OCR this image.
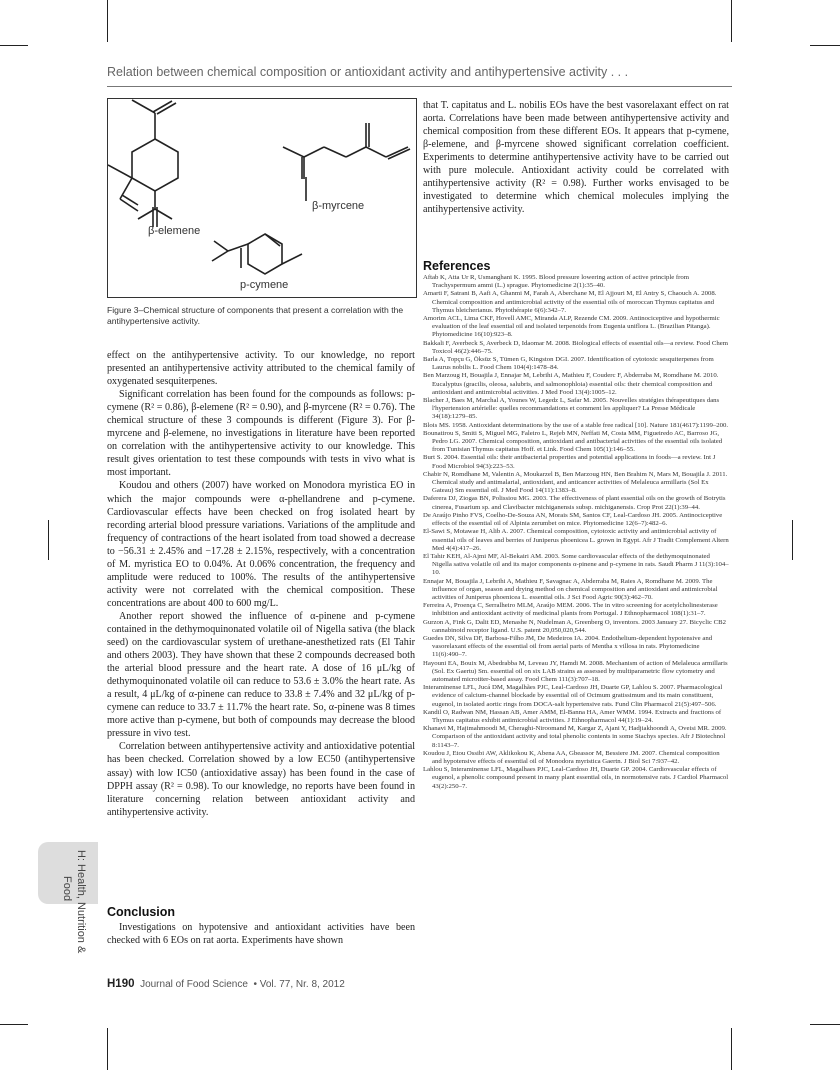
Relation between chemical composition or antioxidant activity and antihypertensive activity . . .
β-elemene
β-myrcene
p-cymene
Figure 3–Chemical structure of components that present a correlation with the antihypertensive activity.

effect on the antihypertensive activity. To our knowledge, no report presented an antihypertensive activity attributed to the chemical family of oxygenated sesquiterpenes.

Significant correlation has been found for the compounds as follows: p-cymene (R² = 0.86), β-elemene (R² = 0.90), and β-myrcene (R² = 0.76). The chemical structure of these 3 compounds is different (Figure 3). For β-myrcene and β-elemene, no investigations in literature have been reported on correlation with the antihypertensive activity to our knowledge. This result gives orientation to test these compounds with tests in vivo what is most important.

Koudou and others (2007) have worked on Monodora myristica EO in which the major compounds were α-phellandrene and p-cymene. Cardiovascular effects have been checked on frog isolated heart by recording arterial blood pressure variations. Variations of the amplitude and frequency of contractions of the heart isolated from toad showed a decrease to −56.31 ± 2.45% and −17.28 ± 2.15%, respectively, with a concentration of M. myristica EO to 0.04%. At 0.06% concentration, the frequency and amplitude were reduced to 100%. The results of the antihypertensive activity were not correlated with the chemical composition. These concentrations are about 400 to 600 mg/L.

Another report showed the influence of α-pinene and p-cymene contained in the dethymoquinonated volatile oil of Nigella sativa (the black seed) on the cardiovascular system of urethane-anesthetized rats (El Tahir and others 2003). They have shown that these 2 compounds decreased both the arterial blood pressure and the heart rate. A dose of 16 μL/kg of dethymoquinonated volatile oil can reduce to 53.6 ± 3.0% the heart rate. As a result, 4 μL/kg of α-pinene can reduce to 33.8 ± 7.4% and 32 μL/kg of p-cymene can reduce to 33.7 ± 11.7% the heart rate. So, α-pinene was 8 times more active than p-cymene, but both of compounds may decrease the blood pressure in vivo test.

Correlation between antihypertensive activity and antioxidative potential has been checked. Correlation showed by a low EC50 (antihypertensive assay) with low IC50 (antioxidative assay) has been found in the case of DPPH assay (R² = 0.98). To our knowledge, no reports have been found in literature concerning relation between antioxidant activity and antihypertensive activity.

Conclusion

Investigations on hypotensive and antioxidant activities have been checked with 6 EOs on rat aorta. Experiments have shown

that T. capitatus and L. nobilis EOs have the best vasorelaxant effect on rat aorta. Correlations have been made between antihypertensive activity and chemical composition from these different EOs. It appears that p-cymene, β-elemene, and β-myrcene showed significant correlation coefficient. Experiments to determine antihypertensive activity have to be carried out with pure molecule. Antioxidant activity could be correlated with antihypertensive activity (R² = 0.98). Further works envisaged to be investigated to determine which chemical molecules implying the antihypertensive activity.

References

Aftab K, Atta Ur R, Usmanghani K. 1995. Blood pressure lowering action of active principle from Trachyspermum ammi (L.) sprague. Phytomedicine 2(1):35–40.

Amarti F, Satrani B, Aafi A, Ghanmi M, Farah A, Aberchane M, El Ajjouri M, El Antry S, Chaouch A. 2008. Chemical composition and antimicrobial activity of the essential oils of moroccan Thymus capitatus and Thymus bleicherianus. Phytothérapie 6(6):342–7.

Amorim ACL, Lima CKF, Hovell AMC, Miranda ALP, Rezende CM. 2009. Antinociceptive and hypothermic evaluation of the leaf essential oil and isolated terpenoids from Eugenia uniflora L. (Brazilian Pitanga). Phytomedicine 16(10):923–8.

Bakkali F, Averbeck S, Averbeck D, Idaomar M. 2008. Biological effects of essential oils—a review. Food Chem Toxicol 46(2):446–75.

Barla A, Topçu G, Öksüz S, Tümen G, Kingston DGI. 2007. Identification of cytotoxic sesquiterpenes from Laurus nobilis L. Food Chem 104(4):1478–84.

Ben Marzoug H, Bouajila J, Ennajar M, Lebrihi A, Mathieu F, Couderc F, Abderraba M, Romdhane M. 2010. Eucalyptus (gracilis, oleosa, salubris, and salmonophloia) essential oils: their chemical composition and antioxidant and antimicrobial activities. J Med Food 13(4):1005–12.

Blacher J, Baes M, Marchal A, Younes W, Legedz L, Safar M. 2005. Nouvelles stratégies thérapeutiques dans l'hypertension artérielle: quelles recommandations et comment les appliquer? La Presse Médicale 34(18):1279–85.

Blois MS. 1958. Antioxidant determinations by the use of a stable free radical [10]. Nature 181(4617):1199–200.

Bounatirou S, Smiti S, Miguel MG, Faleiro L, Rejeb MN, Neffati M, Costa MM, Figueiredo AC, Barroso JG, Pedro LG. 2007. Chemical composition, antioxidant and antibacterial activities of the essential oils isolated from Tunisian Thymus capitatus Hoff. et Link. Food Chem 105(1):146–55.

Burt S. 2004. Essential oils: their antibacterial properties and potential applications in foods—a review. Int J Food Microbiol 94(3):223–53.

Chabir N, Romdhane M, Valentin A, Moukarzel B, Ben Marzoug HN, Ben Brahim N, Mars M, Bouajila J. 2011. Chemical study and antimalarial, antioxidant, and anticancer activities of Melaleuca armillaris (Sol Ex Gateau) Sm essential oil. J Med Food 14(11):1383–8.

Daferera DJ, Ziogas BN, Polissiou MG. 2003. The effectiveness of plant essential oils on the growth of Botrytis cinerea, Fusarium sp. and Clavibacter michiganensis subsp. michiganensis. Crop Prot 22(1):39–44.

De Araújo Pinho FVS, Coelho-De-Souza AN, Morais SM, Santos CF, Leal-Cardoso JH. 2005. Antinociceptive effects of the essential oil of Alpinia zerumbet on mice. Phytomedicine 12(6–7):482–6.

El-Sawi S, Motawae H, Alib A. 2007. Chemical composition, cytotoxic activity and antimicrobial activity of essential oils of leaves and berries of Juniperus phoenicea L. grown in Egypt. Afr J Tradit Complement Altern Med 4(4):417–26.

El Tahir KEH, Al-Ajmi MF, Al-Bekairi AM. 2003. Some cardiovascular effects of the dethymoquinonated Nigella sativa volatile oil and its major components α-pinene and p-cymene in rats. Saudi Pharm J 11(3):104–10.

Ennajar M, Bouajila J, Lebrihi A, Mathieu F, Savagnac A, Abderraba M, Raies A, Romdhane M. 2009. The influence of organ, season and drying method on chemical composition and antioxidant and antimicrobial activities of Juniperus phoenicea L. essential oils. J Sci Food Agric 90(3):462–70.

Ferreira A, Proença C, Serralheiro MLM, Araújo MEM. 2006. The in vitro screening for acetylcholinesterase inhibition and antioxidant activity of medicinal plants from Portugal. J Ethnopharmacol 108(1):31–7.

Gurzon A, Fink G, Dalit ED, Menashe N, Nudelman A, Greenberg O, inventors. 2003 January 27. Bicyclic CB2 cannabinoid receptor ligand. U.S. patent 20,050,020,544.

Guedes DN, Silva DF, Barbosa-Filho JM, De Medeiros IA. 2004. Endothelium-dependent hypotensive and vasorelaxant effects of the essential oil from aerial parts of Mentha x villosa in rats. Phytomedicine 11(6):490–7.

Hayouni EA, Bouix M, Abedrabba M, Leveau JY, Hamdi M. 2008. Mechanism of action of Melaleuca armillaris (Sol. Ex Gaertu) Sm. essential oil on six LAB strains as assessed by multiparametric flow cytometry and automated microtiter-based assay. Food Chem 111(3):707–18.

Interaminense LFL, Jucá DM, Magalhães PJC, Leal-Cardoso JH, Duarte GP, Lahlou S. 2007. Pharmacological evidence of calcium-channel blockade by essential oil of Ocimum gratissimum and its main constituent, eugenol, in isolated aortic rings from DOCA-salt hypertensive rats. Fund Clin Pharmacol 21(5):497–506.

Kandil O, Radwan NM, Hassan AB, Amer AMM, El-Banna HA, Amer WMM. 1994. Extracts and fractions of Thymus capitatus exhibit antimicrobial activities. J Ethnopharmacol 44(1):19–24.

Khanavi M, Hajimahmoodi M, Cheraghi-Niroomand M, Kargar Z, Ajani Y, Hadjiakhoondi A, Oveisi MR. 2009. Comparison of the antioxidant activity and total phenolic contents in some Stachys species. Afr J Biotechnol 8:1143–7.

Koudou J, Etou Ossibi AW, Aklikokou K, Abena AA, Gbeassor M, Bessiere JM. 2007. Chemical composition and hypotensive effects of essential oil of Monodora myristica Gaertn. J Biol Sci 7:937–42.

Lahlou S, Interaminense LFL, Magalhaes PJC, Leal-Cardoso JH, Duarte GP. 2004. Cardiovascular effects of eugenol, a phenolic compound present in many plant essential oils, in normotensive rats. J Cardiol Pharmacol 43(2):250–7.

H: Health, Nutrition &
Food
H190 Journal of Food Science • Vol. 77, Nr. 8, 2012
